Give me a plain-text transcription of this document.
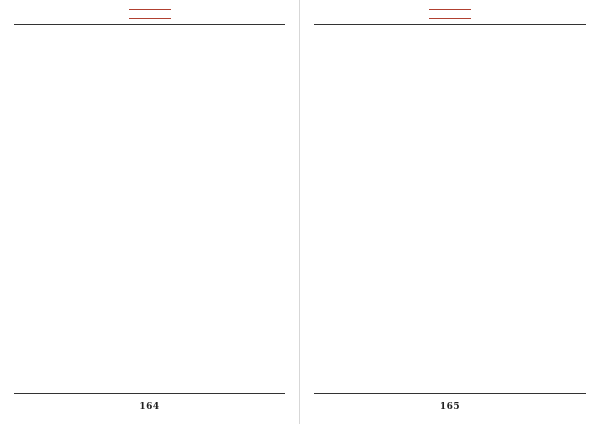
164	165
